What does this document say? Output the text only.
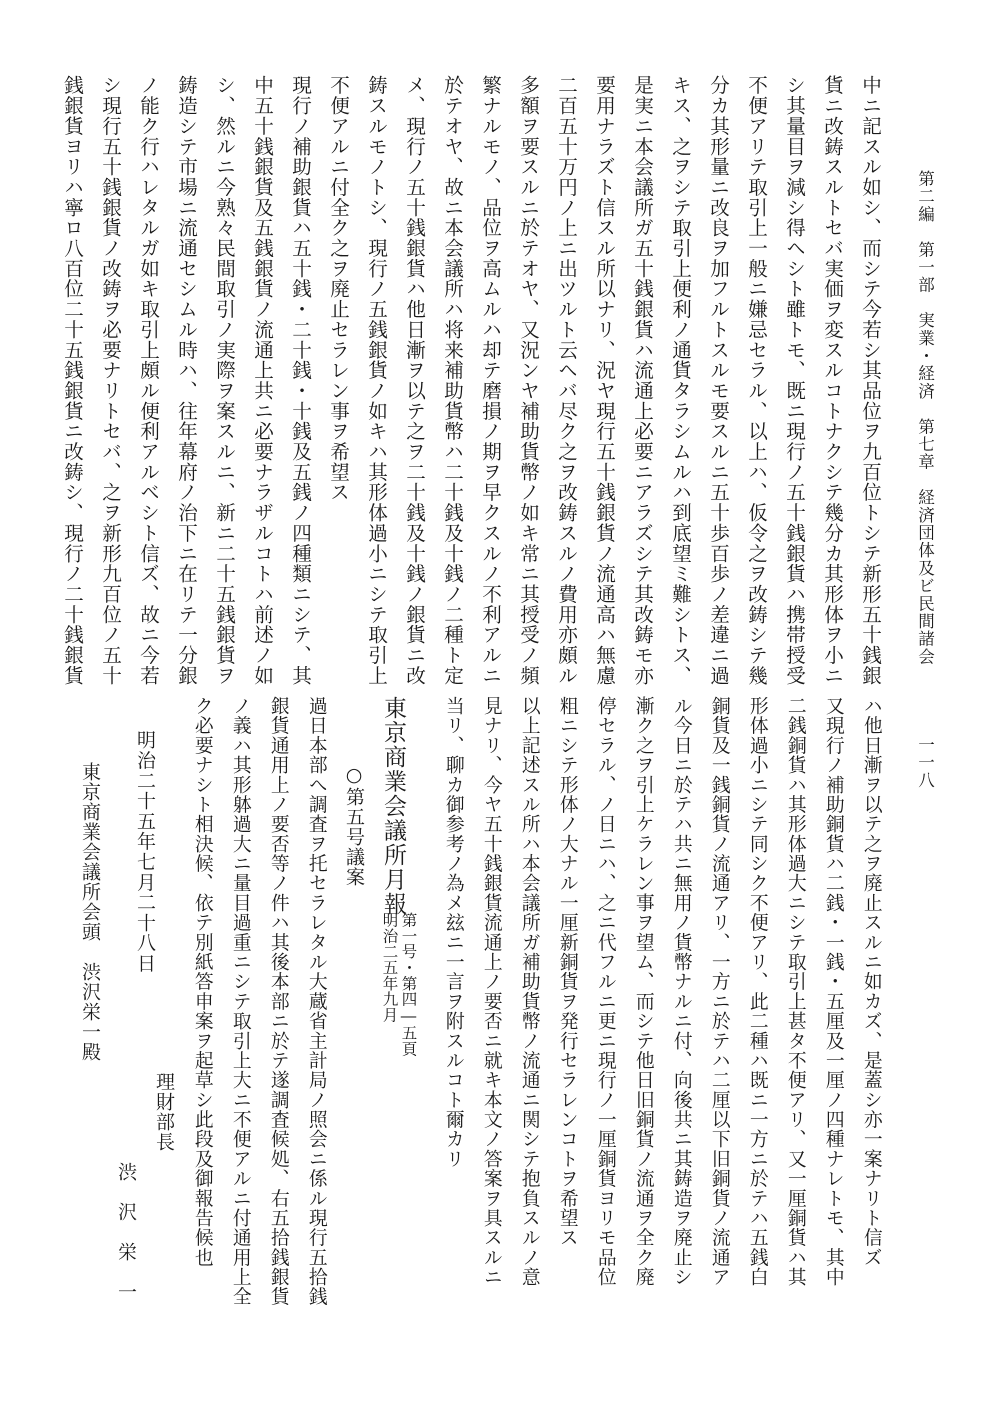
第二編　第一部　実業・経済　第七章　経済団体及ビ民間諸会
一一八
中ニ記スル如シ、而シテ今若シ其品位ヲ九百位トシテ新形五十銭銀
貨ニ改鋳スルトセバ実価ヲ変スルコトナクシテ幾分カ其形体ヲ小ニ
シ其量目ヲ減シ得ヘシト雖トモ、既ニ現行ノ五十銭銀貨ハ携帯授受
不便アリテ取引上一般ニ嫌忌セラル、以上ハ、仮令之ヲ改鋳シテ幾
分カ其形量ニ改良ヲ加フルトスルモ要スルニ五十歩百歩ノ差違ニ過
キス、之ヲシテ取引上便利ノ通貨タラシムルハ到底望ミ難シトス、
是実ニ本会議所ガ五十銭銀貨ハ流通上必要ニアラズシテ其改鋳モ亦
要用ナラズト信スル所以ナリ、況ヤ現行五十銭銀貨ノ流通高ハ無慮
二百五十万円ノ上ニ出ツルト云ヘバ尽ク之ヲ改鋳スルノ費用亦頗ル
多額ヲ要スルニ於テオヤ、又況ンヤ補助貨幣ノ如キ常ニ其授受ノ頻
繁ナルモノ、品位ヲ高ムルハ却テ磨損ノ期ヲ早クスルノ不利アルニ
於テオヤ、故ニ本会議所ハ将来補助貨幣ハ二十銭及十銭ノ二種ト定
メ、現行ノ五十銭銀貨ハ他日漸ヲ以テ之ヲ二十銭及十銭ノ銀貨ニ改
鋳スルモノトシ、現行ノ五銭銀貨ノ如キハ其形体過小ニシテ取引上
不便アルニ付全ク之ヲ廃止セラレン事ヲ希望ス
現行ノ補助銀貨ハ五十銭・二十銭・十銭及五銭ノ四種類ニシテ、其
中五十銭銀貨及五銭銀貨ノ流通上共ニ必要ナラザルコトハ前述ノ如
シ、然ルニ今熟々民間取引ノ実際ヲ案スルニ、新ニ二十五銭銀貨ヲ
鋳造シテ市場ニ流通セシムル時ハ、往年幕府ノ治下ニ在リテ一分銀
ノ能ク行ハレタルガ如キ取引上頗ル便利アルベシト信ズ、故ニ今若
シ現行五十銭銀貨ノ改鋳ヲ必要ナリトセバ、之ヲ新形九百位ノ五十
銭銀貨ヨリハ寧ロ八百位二十五銭銀貨ニ改鋳シ、現行ノ二十銭銀貨
ハ他日漸ヲ以テ之ヲ廃止スルニ如カズ、是蓋シ亦一案ナリト信ズ
又現行ノ補助銅貨ハ二銭・一銭・五厘及一厘ノ四種ナレトモ、其中
二銭銅貨ハ其形体過大ニシテ取引上甚タ不便アリ、又一厘銅貨ハ其
形体過小ニシテ同シク不便アリ、此二種ハ既ニ一方ニ於テハ五銭白
銅貨及一銭銅貨ノ流通アリ、一方ニ於テハ二厘以下旧銅貨ノ流通ア
ル今日ニ於テハ共ニ無用ノ貨幣ナルニ付、向後共ニ其鋳造ヲ廃止シ
漸ク之ヲ引上ケラレン事ヲ望ム、而シテ他日旧銅貨ノ流通ヲ全ク廃
停セラル、ノ日ニハ、之ニ代フルニ更ニ現行ノ一厘銅貨ヨリモ品位
粗ニシテ形体ノ大ナル一厘新銅貨ヲ発行セラレンコトヲ希望ス
以上記述スル所ハ本会議所ガ補助貨幣ノ流通ニ関シテ抱負スルノ意
見ナリ、今ヤ五十銭銀貨流通上ノ要否ニ就キ本文ノ答案ヲ具スルニ
当リ、聊カ御参考ノ為メ玆ニ一言ヲ附スルコト爾カリ
東京商業会議所月報
第一号・第四―五頁
明治二五年九月
○第五号議案
過日本部へ調査ヲ托セラレタル大蔵省主計局ノ照会ニ係ル現行五拾銭
銀貨通用上ノ要否等ノ件ハ其後本部ニ於テ遂調査候処、右五拾銭銀貨
ノ義ハ其形躰過大ニ量目過重ニシテ取引上大ニ不便アルニ付通用上全
ク必要ナシト相決候、依テ別紙答申案ヲ起草シ此段及御報告候也
理財部長
渋　沢　栄　一
明治二十五年七月二十八日
東京商業会議所会頭　渋沢栄一殿
